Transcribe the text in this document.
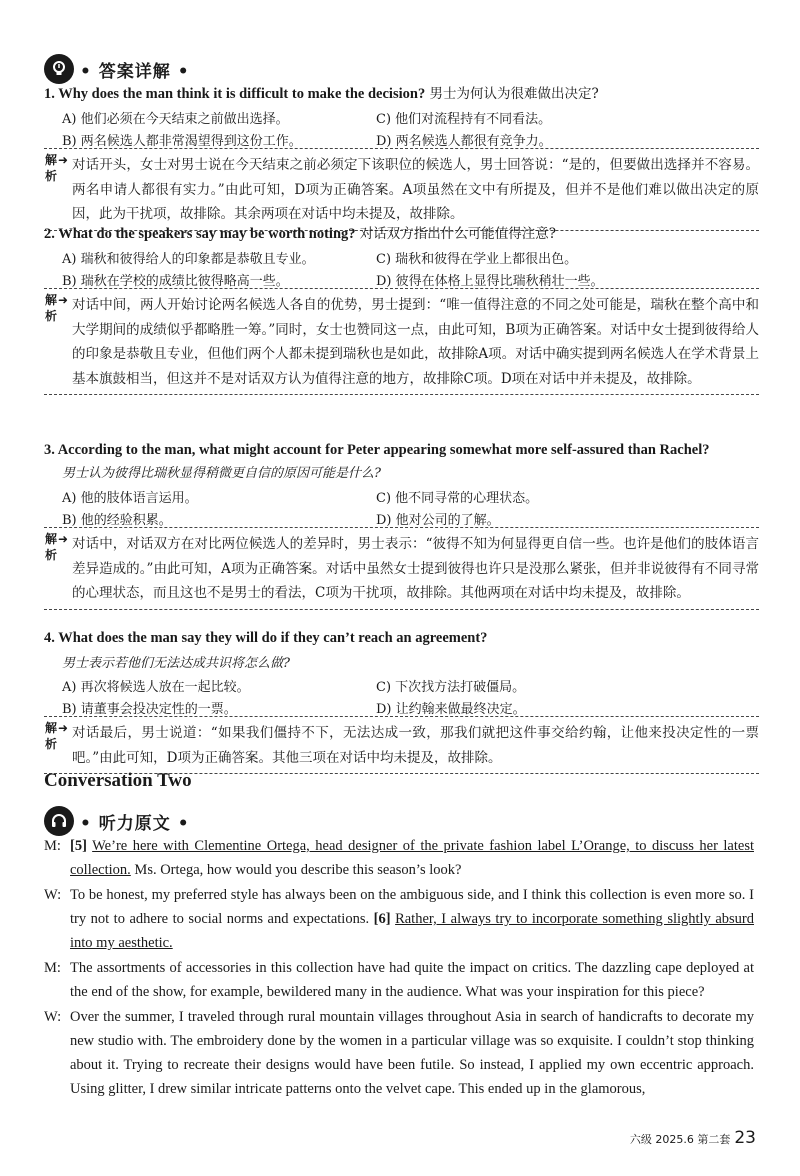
• 答案详解 •
1. Why does the man think it is difficult to make the decision? 男士为何认为很难做出决定?
A) 他们必须在今天结束之前做出选择。	C) 他们对流程持有不同看法。
B) 两名候选人都非常渴望得到这份工作。	D) 两名候选人都很有竞争力。
解析
➜ 对话开头，女士对男士说在今天结束之前必须定下该职位的候选人，男士回答说：“是的，但要做出选择并不容易。两名申请人都很有实力。”由此可知，D项为正确答案。A项虽然在文中有所提及，但并不是他们难以做出决定的原因，此为干扰项，故排除。其余两项在对话中均未提及，故排除。
2. What do the speakers say may be worth noting? 对话双方指出什么可能值得注意?
A) 瑞秋和彼得给人的印象都是恭敬且专业。	C) 瑞秋和彼得在学业上都很出色。
B) 瑞秋在学校的成绩比彼得略高一些。	D) 彼得在体格上显得比瑞秋稍壮一些。
解析
➜ 对话中间，两人开始讨论两名候选人各自的优势，男士提到：“唯一值得注意的不同之处可能是，瑞秋在整个高中和大学期间的成绩似乎都略胜一筹。”同时，女士也赞同这一点，由此可知，B项为正确答案。对话中女士提到彼得给人的印象是恭敬且专业，但他们两个人都未提到瑞秋也是如此，故排除A项。对话中确实提到两名候选人在学术背景上基本旗鼓相当，但这并不是对话双方认为值得注意的地方，故排除C项。D项在对话中并未提及，故排除。
3. According to the man, what might account for Peter appearing somewhat more self-assured than Rachel?
男士认为彼得比瑞秋显得稍微更自信的原因可能是什么?
A) 他的肢体语言运用。	C) 他不同寻常的心理状态。
B) 他的经验积累。	D) 他对公司的了解。
解析
➜ 对话中，对话双方在对比两位候选人的差异时，男士表示：“彼得不知为何显得更自信一些。也许是他们的肢体语言差异造成的。”由此可知，A项为正确答案。对话中虽然女士提到彼得也许只是没那么紧张，但并非说彼得有不同寻常的心理状态，而且这也不是男士的看法，C项为干扰项，故排除。其他两项在对话中均未提及，故排除。
4. What does the man say they will do if they can’t reach an agreement?
男士表示若他们无法达成共识将怎么做?
A) 再次将候选人放在一起比较。	C) 下次找方法打破僵局。
B) 请董事会投决定性的一票。	D) 让约翰来做最终决定。
解析
➜ 对话最后，男士说道：“如果我们僵持不下，无法达成一致，那我们就把这件事交给约翰，让他来投决定性的一票吧。”由此可知，D项为正确答案。其他三项在对话中均未提及，故排除。
Conversation Two
• 听力原文 •
M: [5] We’re here with Clementine Ortega, head designer of the private fashion label L’Orange, to discuss her latest collection. Ms. Ortega, how would you describe this season’s look?
W: To be honest, my preferred style has always been on the ambiguous side, and I think this collection is even more so. I try not to adhere to social norms and expectations. [6] Rather, I always try to incorporate something slightly absurd into my aesthetic.
M: The assortments of accessories in this collection have had quite the impact on critics. The dazzling cape deployed at the end of the show, for example, bewildered many in the audience. What was your inspiration for this piece?
W: Over the summer, I traveled through rural mountain villages throughout Asia in search of handicrafts to decorate my new studio with. The embroidery done by the women in a particular village was so exquisite. I couldn’t stop thinking about it. Trying to recreate their designs would have been futile. So instead, I applied my own eccentric approach. Using glitter, I drew similar intricate patterns onto the velvet cape. This ended up in the glamorous,
六级 2025.6 第二套 23
